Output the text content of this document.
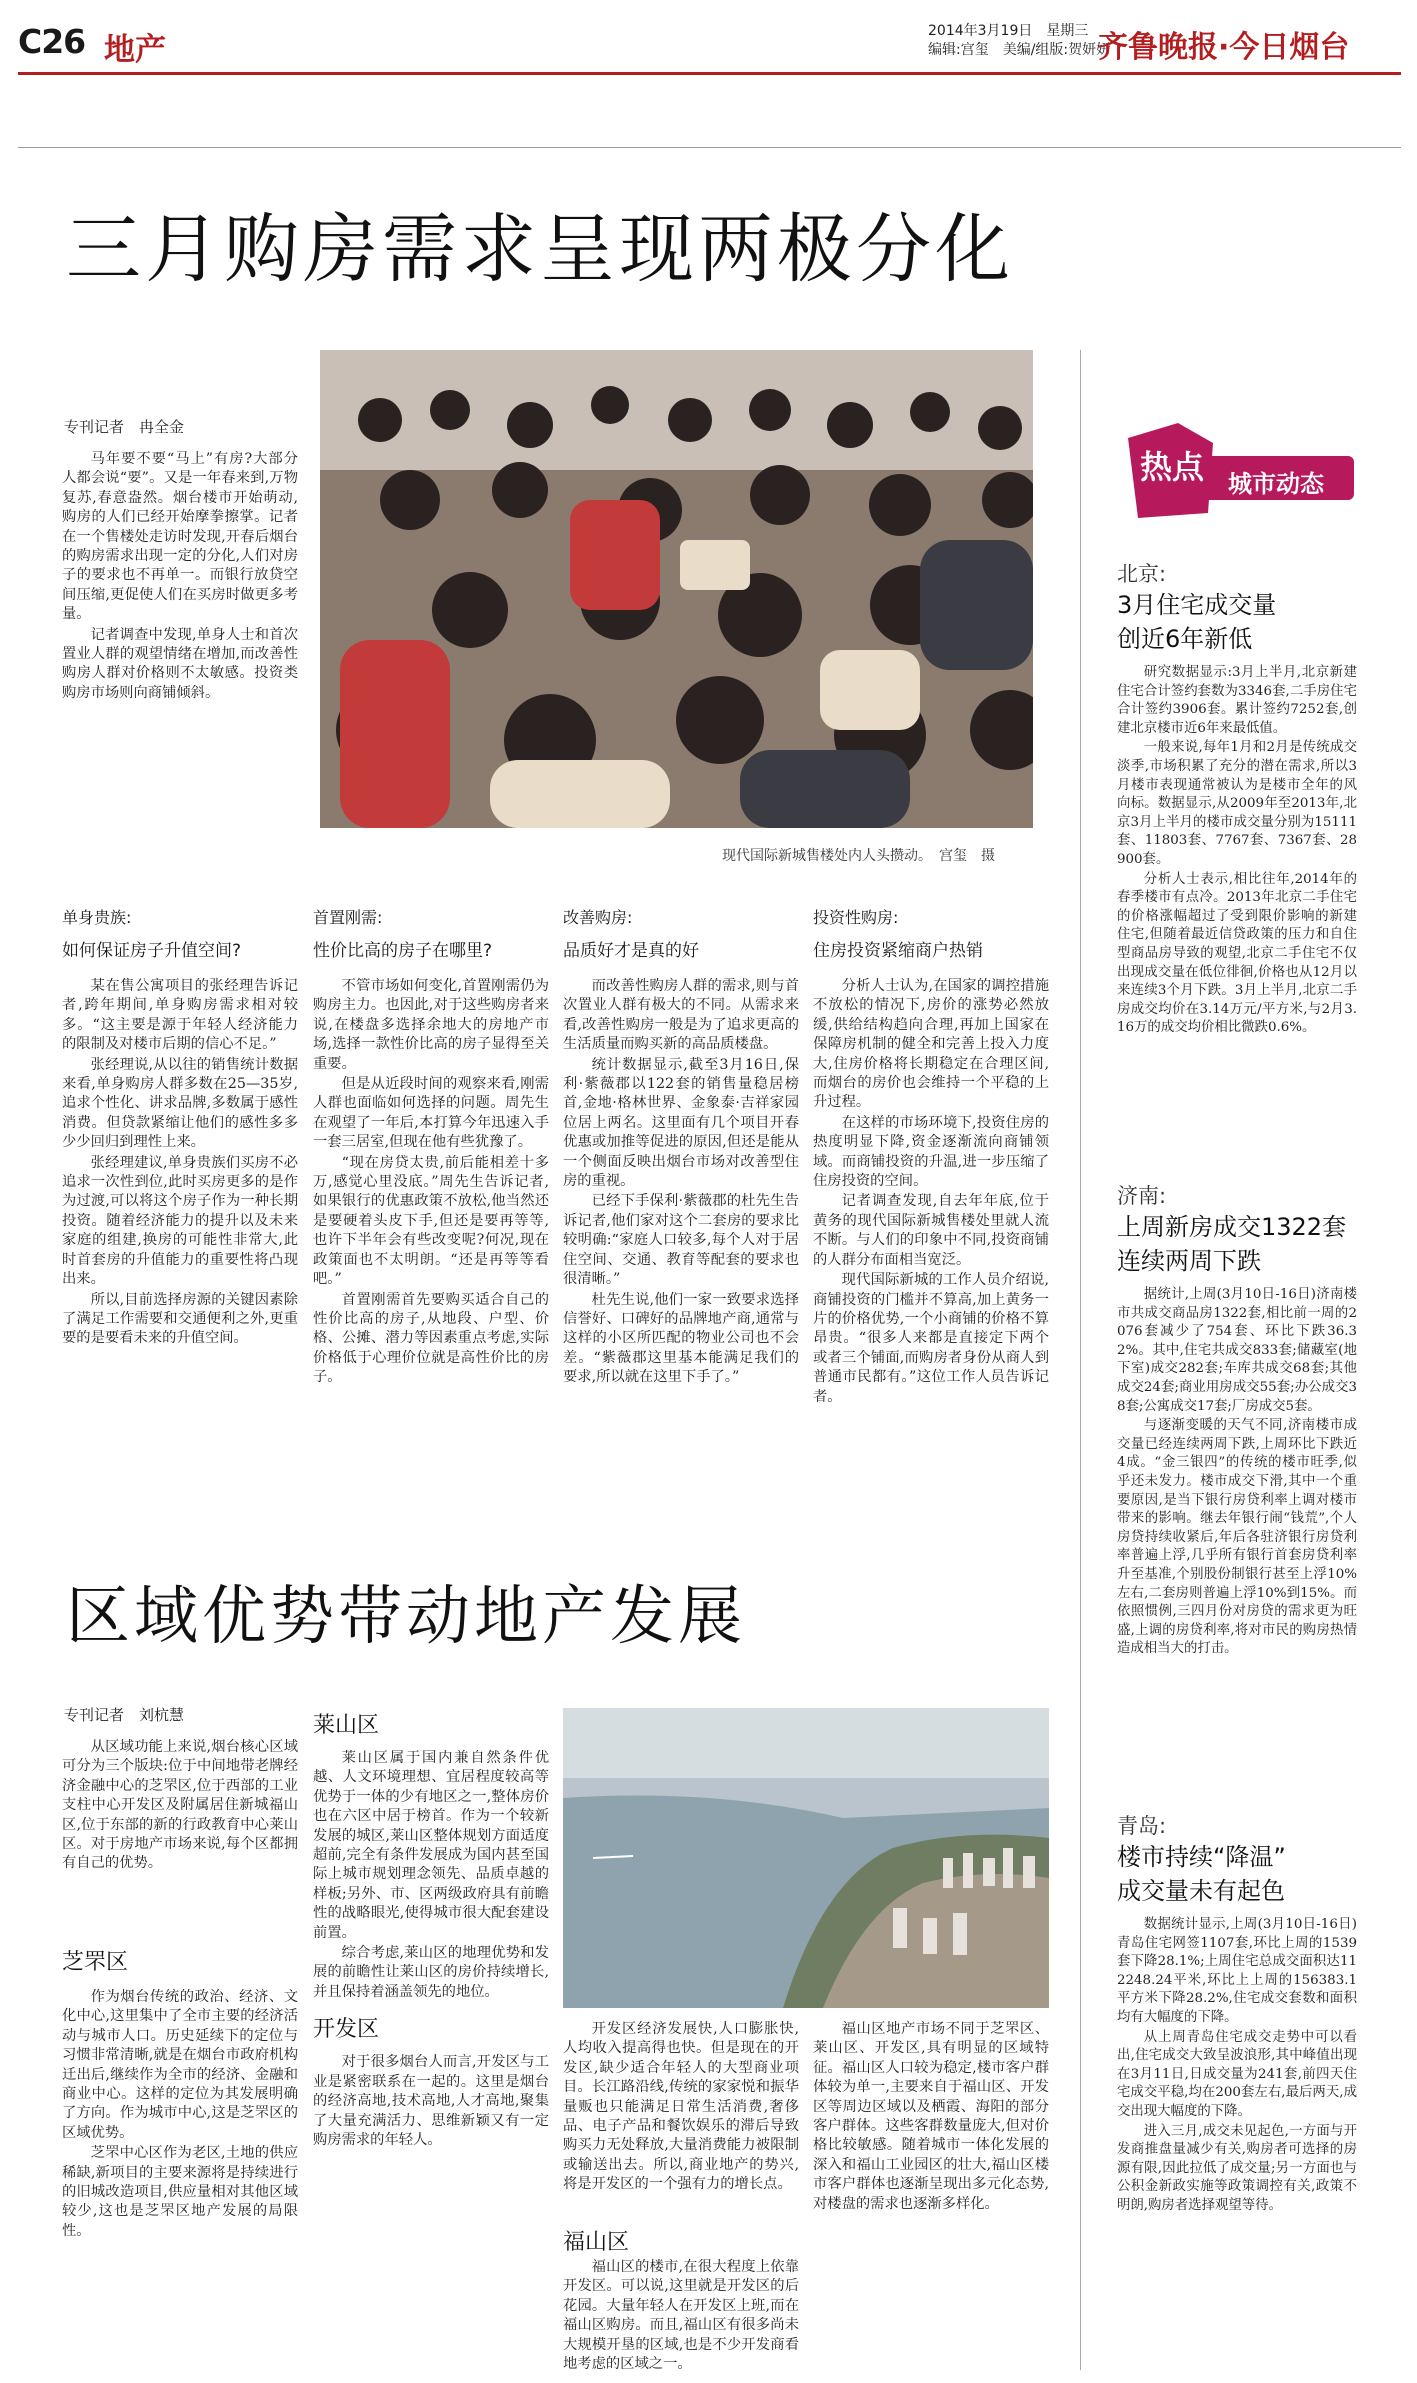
C26 地产
2014年3月19日　 星期三
编辑:宫玺　 美编/组版:贺妍妍
齐鲁晚报·今日烟台
三月购房需求呈现两极分化
专刊记者　冉全金

马年要不要“马上”有房?大部分人都会说“要”。又是一年春来到,万物复苏,春意盎然。烟台楼市开始萌动,购房的人们已经开始摩拳擦掌。记者在一个售楼处走访时发现,开春后烟台的购房需求出现一定的分化,人们对房子的要求也不再单一。而银行放贷空间压缩,更促使人们在买房时做更多考量。

记者调查中发现,单身人士和首次置业人群的观望情绪在增加,而改善性购房人群对价格则不太敏感。投资类购房市场则向商铺倾斜。

现代国际新城售楼处内人头攒动。　宫玺　摄
单身贵族:
如何保证房子升值空间?

某在售公寓项目的张经理告诉记者,跨年期间,单身购房需求相对较多。“这主要是源于年轻人经济能力的限制及对楼市后期的信心不足。”

张经理说,从以往的销售统计数据来看,单身购房人群多数在25—35岁,追求个性化、讲求品牌,多数属于感性消费。但贷款紧缩让他们的感性多多少少回归到理性上来。

张经理建议,单身贵族们买房不必追求一次性到位,此时买房更多的是作为过渡,可以将这个房子作为一种长期投资。随着经济能力的提升以及未来家庭的组建,换房的可能性非常大,此时首套房的升值能力的重要性将凸现出来。

所以,目前选择房源的关键因素除了满足工作需要和交通便利之外,更重要的是要看未来的升值空间。

首置刚需:
性价比高的房子在哪里?

不管市场如何变化,首置刚需仍为购房主力。也因此,对于这些购房者来说,在楼盘多选择余地大的房地产市场,选择一款性价比高的房子显得至关重要。

但是从近段时间的观察来看,刚需人群也面临如何选择的问题。周先生在观望了一年后,本打算今年迅速入手一套三居室,但现在他有些犹豫了。

“现在房贷太贵,前后能相差十多万,感觉心里没底。”周先生告诉记者,如果银行的优惠政策不放松,他当然还是要硬着头皮下手,但还是要再等等,也许下半年会有些改变呢?何况,现在政策面也不太明朗。“还是再等等看吧。”

首置刚需首先要购买适合自己的性价比高的房子,从地段、户型、价格、公摊、潜力等因素重点考虑,实际价格低于心理价位就是高性价比的房子。

改善购房:
品质好才是真的好

而改善性购房人群的需求,则与首次置业人群有极大的不同。从需求来看,改善性购房一般是为了追求更高的生活质量而购买新的高品质楼盘。

统计数据显示,截至3月16日,保利·紫薇郡以122套的销售量稳居榜首,金地·格林世界、金象泰·吉祥家园位居上两名。这里面有几个项目开春优惠或加推等促进的原因,但还是能从一个侧面反映出烟台市场对改善型住房的重视。

已经下手保利·紫薇郡的杜先生告诉记者,他们家对这个二套房的要求比较明确:“家庭人口较多,每个人对于居住空间、交通、教育等配套的要求也很清晰。”

杜先生说,他们一家一致要求选择信誉好、口碑好的品牌地产商,通常与这样的小区所匹配的物业公司也不会差。“紫薇郡这里基本能满足我们的要求,所以就在这里下手了。”

投资性购房:
住房投资紧缩商户热销

分析人士认为,在国家的调控措施不放松的情况下,房价的涨势必然放缓,供给结构趋向合理,再加上国家在保障房机制的健全和完善上投入力度大,住房价格将长期稳定在合理区间,而烟台的房价也会维持一个平稳的上升过程。

在这样的市场环境下,投资住房的热度明显下降,资金逐渐流向商铺领域。而商铺投资的升温,进一步压缩了住房投资的空间。

记者调查发现,自去年年底,位于黄务的现代国际新城售楼处里就人流不断。与人们的印象中不同,投资商铺的人群分布面相当宽泛。

现代国际新城的工作人员介绍说,商铺投资的门槛并不算高,加上黄务一片的价格优势,一个小商铺的价格不算昂贵。“很多人来都是直接定下两个或者三个铺面,而购房者身份从商人到普通市民都有。”这位工作人员告诉记者。

区域优势带动地产发展
专刊记者　刘杭慧

从区域功能上来说,烟台核心区域可分为三个版块:位于中间地带老牌经济金融中心的芝罘区,位于西部的工业支柱中心开发区及附属居住新城福山区,位于东部的新的行政教育中心莱山区。对于房地产市场来说,每个区都拥有自己的优势。

芝罘区

作为烟台传统的政治、经济、文化中心,这里集中了全市主要的经济活动与城市人口。历史延续下的定位与习惯非常清晰,就是在烟台市政府机构迁出后,继续作为全市的经济、金融和商业中心。这样的定位为其发展明确了方向。作为城市中心,这是芝罘区的区域优势。

芝罘中心区作为老区,土地的供应稀缺,新项目的主要来源将是持续进行的旧城改造项目,供应量相对其他区域较少,这也是芝罘区地产发展的局限性。

莱山区

莱山区属于国内兼自然条件优越、人文环境理想、宜居程度较高等优势于一体的少有地区之一,整体房价也在六区中居于榜首。作为一个较新发展的城区,莱山区整体规划方面适度超前,完全有条件发展成为国内甚至国际上城市规划理念领先、品质卓越的样板;另外、市、区两级政府具有前瞻性的战略眼光,使得城市很大配套建设前置。

综合考虑,莱山区的地理优势和发展的前瞻性让莱山区的房价持续增长,并且保持着涵盖领先的地位。

开发区

对于很多烟台人而言,开发区与工业是紧密联系在一起的。这里是烟台的经济高地,技术高地,人才高地,聚集了大量充满活力、思维新颖又有一定购房需求的年轻人。

开发区经济发展快,人口膨胀快,人均收入提高得也快。但是现在的开发区,缺少适合年轻人的大型商业项目。长江路沿线,传统的家家悦和振华量贩也只能满足日常生活消费,奢侈品、电子产品和餐饮娱乐的滞后导致购买力无处释放,大量消费能力被限制或输送出去。所以,商业地产的势兴,将是开发区的一个强有力的增长点。

福山区

福山区的楼市,在很大程度上依靠开发区。可以说,这里就是开发区的后花园。大量年轻人在开发区上班,而在福山区购房。而且,福山区有很多尚未大规模开垦的区域,也是不少开发商看地考虑的区域之一。

福山区地产市场不同于芝罘区、莱山区、开发区,具有明显的区域特征。福山区人口较为稳定,楼市客户群体较为单一,主要来自于福山区、开发区等周边区域以及栖霞、海阳的部分客户群体。这些客群数量庞大,但对价格比较敏感。随着城市一体化发展的深入和福山工业园区的壮大,福山区楼市客户群体也逐渐呈现出多元化态势,对楼盘的需求也逐渐多样化。

热点 城市动态
北京:
3月住宅成交量
创近6年新低

研究数据显示:3月上半月,北京新建住宅合计签约套数为3346套,二手房住宅合计签约3906套。累计签约7252套,创建北京楼市近6年来最低值。

一般来说,每年1月和2月是传统成交淡季,市场积累了充分的潜在需求,所以3月楼市表现通常被认为是楼市全年的风向标。数据显示,从2009年至2013年,北京3月上半月的楼市成交量分别为15111套、11803套、7767套、7367套、28900套。

分析人士表示,相比往年,2014年的春季楼市有点冷。2013年北京二手住宅的价格涨幅超过了受到限价影响的新建住宅,但随着最近信贷政策的压力和自住型商品房导致的观望,北京二手住宅不仅出现成交量在低位徘徊,价格也从12月以来连续3个月下跌。3月上半月,北京二手房成交均价在3.14万元/平方米,与2月3.16万的成交均价相比微跌0.6%。

济南:
上周新房成交1322套
连续两周下跌

据统计,上周(3月10日-16日)济南楼市共成交商品房1322套,相比前一周的2076套减少了754套、环比下跌36.32%。其中,住宅共成交833套;储藏室(地下室)成交282套;车库共成交68套;其他成交24套;商业用房成交55套;办公成交38套;公寓成交17套;厂房成交5套。

与逐渐变暖的天气不同,济南楼市成交量已经连续两周下跌,上周环比下跌近4成。“金三银四”的传统的楼市旺季,似乎还未发力。楼市成交下滑,其中一个重要原因,是当下银行房贷利率上调对楼市带来的影响。继去年银行闹“钱荒”,个人房贷持续收紧后,年后各驻济银行房贷利率普遍上浮,几乎所有银行首套房贷利率升至基准,个别股份制银行甚至上浮10%左右,二套房则普遍上浮10%到15%。而依照惯例,三四月份对房贷的需求更为旺盛,上调的房贷利率,将对市民的购房热情造成相当大的打击。

青岛:
楼市持续“降温”
成交量未有起色

数据统计显示,上周(3月10日-16日)青岛住宅网签1107套,环比上周的1539套下降28.1%;上周住宅总成交面积达112248.24平米,环比上上周的156383.1平方米下降28.2%,住宅成交套数和面积均有大幅度的下降。

从上周青岛住宅成交走势中可以看出,住宅成交大致呈波浪形,其中峰值出现在3月11日,日成交量为241套,前四天住宅成交平稳,均在200套左右,最后两天,成交出现大幅度的下降。

进入三月,成交未见起色,一方面与开发商推盘量减少有关,购房者可选择的房源有限,因此拉低了成交量;另一方面也与公积金新政实施等政策调控有关,政策不明朗,购房者选择观望等待。
